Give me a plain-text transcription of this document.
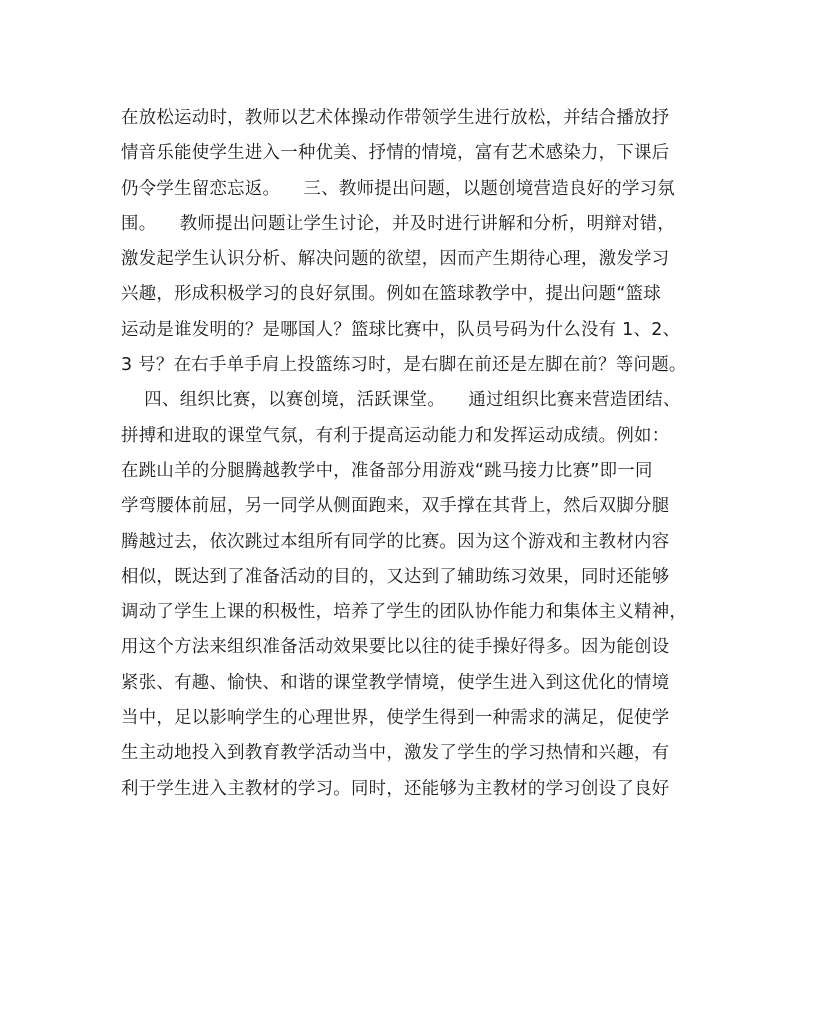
在放松运动时，教师以艺术体操动作带领学生进行放松，并结合播放抒
情音乐能使学生进入一种优美、抒情的情境，富有艺术感染力，下课后
仍令学生留恋忘返。    三、教师提出问题，以题创境营造良好的学习氛
围。    教师提出问题让学生讨论，并及时进行讲解和分析，明辩对错，
激发起学生认识分析、解决问题的欲望，因而产生期待心理，激发学习
兴趣，形成积极学习的良好氛围。例如在篮球教学中，提出问题“篮球
运动是谁发明的？是哪国人？篮球比赛中，队员号码为什么没有 1、2、
3 号？在右手单手肩上投篮练习时，是右脚在前还是左脚在前？等问题。
四、组织比赛，以赛创境，活跃课堂。    通过组织比赛来营造团结、
拼搏和进取的课堂气氛，有利于提高运动能力和发挥运动成绩。例如：
在跳山羊的分腿腾越教学中，准备部分用游戏“跳马接力比赛”即一同
学弯腰体前屈，另一同学从侧面跑来，双手撑在其背上，然后双脚分腿
腾越过去，依次跳过本组所有同学的比赛。因为这个游戏和主教材内容
相似，既达到了准备活动的目的，又达到了辅助练习效果，同时还能够
调动了学生上课的积极性，培养了学生的团队协作能力和集体主义精神，
用这个方法来组织准备活动效果要比以往的徒手操好得多。因为能创设
紧张、有趣、愉快、和谐的课堂教学情境，使学生进入到这优化的情境
当中，足以影响学生的心理世界，使学生得到一种需求的满足，促使学
生主动地投入到教育教学活动当中，激发了学生的学习热情和兴趣，有
利于学生进入主教材的学习。同时，还能够为主教材的学习创设了良好
